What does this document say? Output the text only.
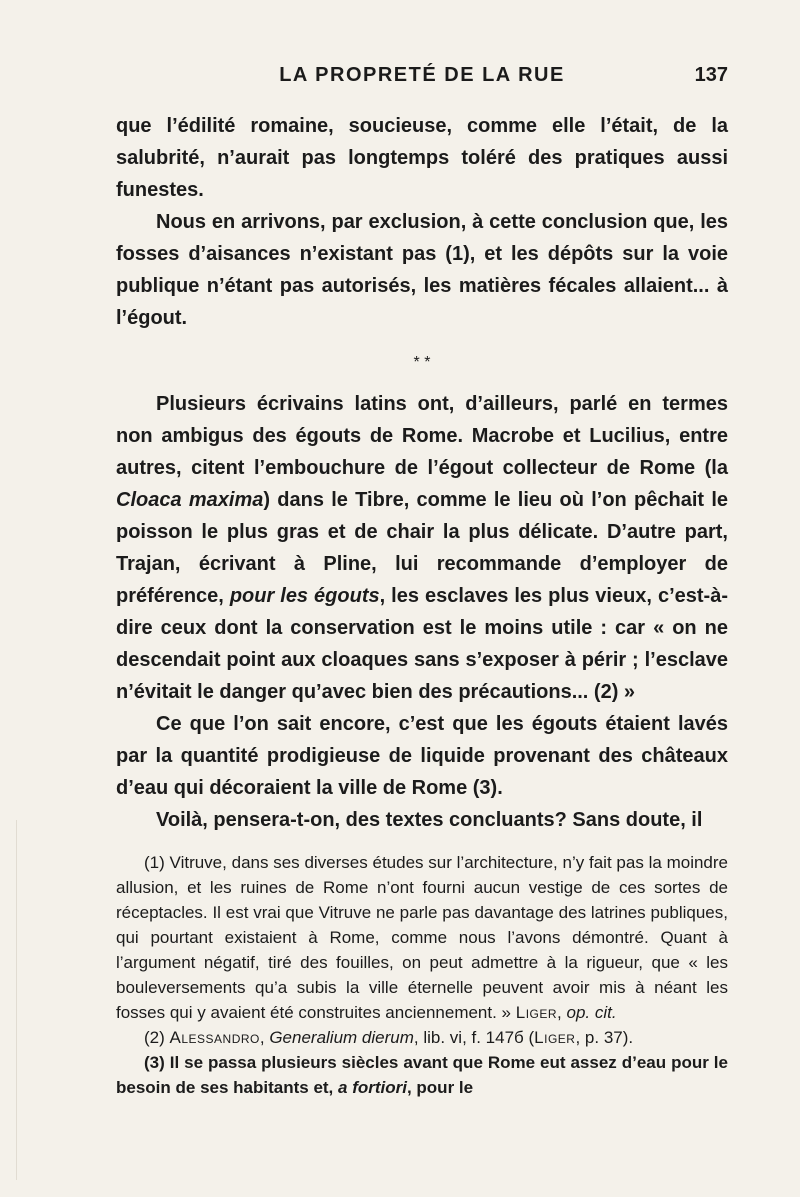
LA PROPRETÉ DE LA RUE	137

que l’édilité romaine, soucieuse, comme elle l’était, de la salubrité, n’aurait pas longtemps toléré des pratiques aussi funestes.

Nous en arrivons, par exclusion, à cette conclusion que, les fosses d’aisances n’existant pas (1), et les dépôts sur la voie publique n’étant pas autorisés, les matières fécales allaient... à l’égout.

* *

Plusieurs écrivains latins ont, d’ailleurs, parlé en termes non ambigus des égouts de Rome. Macrobe et Lucilius, entre autres, citent l’embouchure de l’égout collecteur de Rome (la Cloaca maxima) dans le Tibre, comme le lieu où l’on pêchait le poisson le plus gras et de chair la plus délicate. D’autre part, Trajan, écrivant à Pline, lui recommande d’employer de préférence, pour les égouts, les esclaves les plus vieux, c’est-à-dire ceux dont la conservation est le moins utile : car « on ne descendait point aux cloaques sans s’exposer à périr ; l’esclave n’évitait le danger qu’avec bien des précautions... (2) »

Ce que l’on sait encore, c’est que les égouts étaient lavés par la quantité prodigieuse de liquide provenant des châteaux d’eau qui décoraient la ville de Rome (3).

Voilà, pensera-t-on, des textes concluants? Sans doute, il

(1) Vitruve, dans ses diverses études sur l’architecture, n’y fait pas la moindre allusion, et les ruines de Rome n’ont fourni aucun vestige de ces sortes de réceptacles. Il est vrai que Vitruve ne parle pas davantage des latrines publiques, qui pourtant existaient à Rome, comme nous l’avons démontré. Quant à l’argument négatif, tiré des fouilles, on peut admettre à la rigueur, que « les bouleversements qu’a subis la ville éternelle peuvent avoir mis à néant les fosses qui y avaient été construites anciennement. » Liger, op. cit.

(2) Alessandro, Generalium dierum, lib. vi, f. 147б (Liger, p. 37).

(3) Il se passa plusieurs siècles avant que Rome eut assez d’eau pour le besoin de ses habitants et, a fortiori, pour le
